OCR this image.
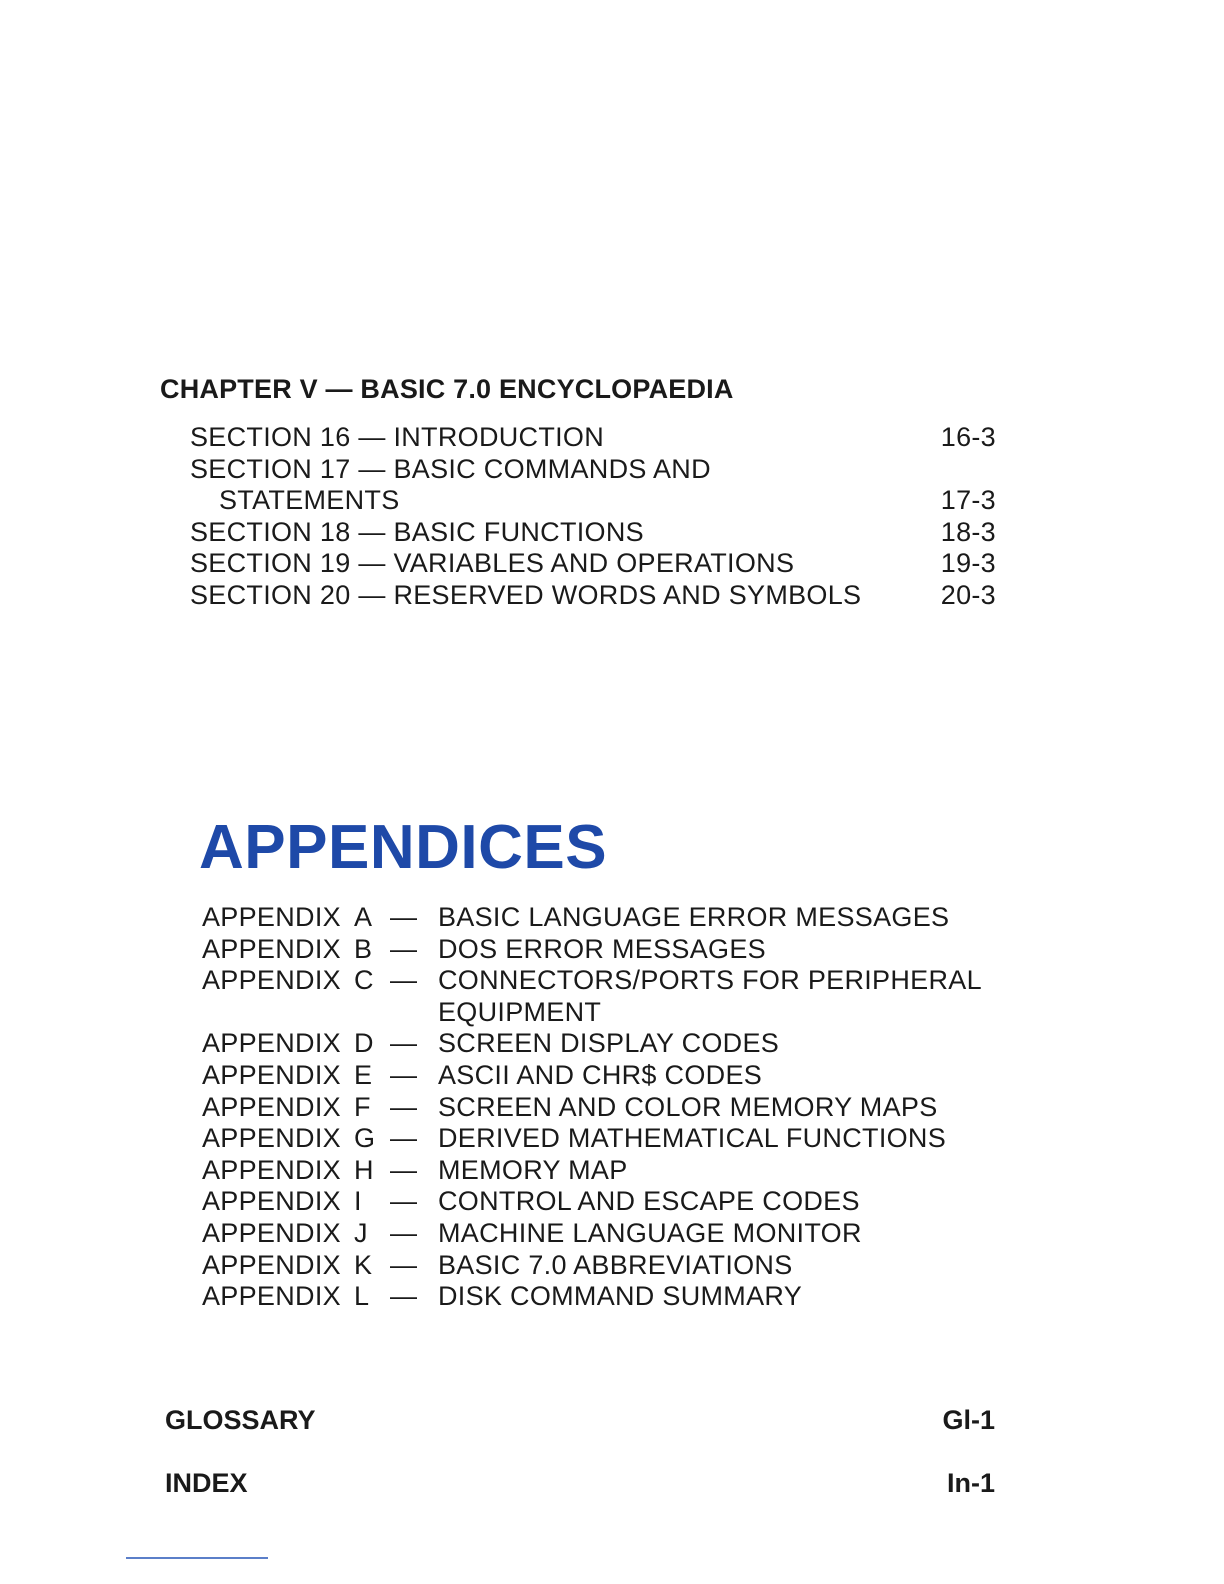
CHAPTER V — BASIC 7.0 ENCYCLOPAEDIA
SECTION 16 — INTRODUCTION	16-3
SECTION 17 — BASIC COMMANDS AND
STATEMENTS	17-3
SECTION 18 — BASIC FUNCTIONS	18-3
SECTION 19 — VARIABLES AND OPERATIONS	19-3
SECTION 20 — RESERVED WORDS AND SYMBOLS	20-3
APPENDICES
APPENDIX A — BASIC LANGUAGE ERROR MESSAGES
APPENDIX B — DOS ERROR MESSAGES
APPENDIX C — CONNECTORS/PORTS FOR PERIPHERAL
EQUIPMENT
APPENDIX D — SCREEN DISPLAY CODES
APPENDIX E — ASCII AND CHR$ CODES
APPENDIX F — SCREEN AND COLOR MEMORY MAPS
APPENDIX G — DERIVED MATHEMATICAL FUNCTIONS
APPENDIX H — MEMORY MAP
APPENDIX I — CONTROL AND ESCAPE CODES
APPENDIX J — MACHINE LANGUAGE MONITOR
APPENDIX K — BASIC 7.0 ABBREVIATIONS
APPENDIX L — DISK COMMAND SUMMARY
GLOSSARY	Gl-1
INDEX	In-1
